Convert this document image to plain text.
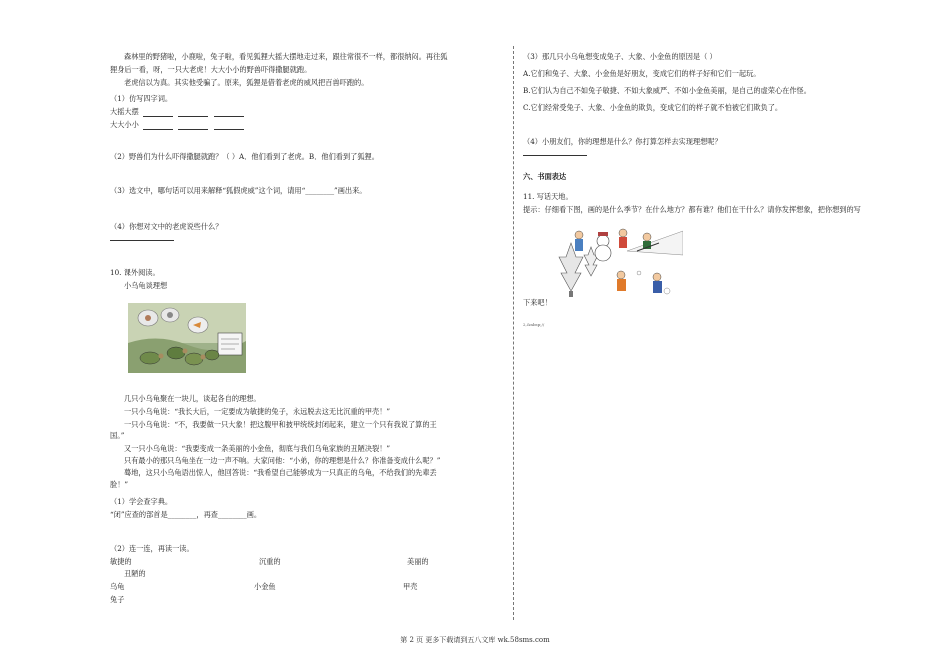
森林里的野猪啦，小鹿啦，兔子啦，看见狐狸大摇大摆地走过来，跟往常很不一样，都很纳闷。再往狐
狸身后一看，呀，一只大老虎！大大小小的野兽吓得撒腿就跑。
老虎信以为真。其实他受骗了。原来，狐狸是借着老虎的威风把百兽吓跑的。
（1）仿写四字词。
大摇大摆
大大小小
（2）野兽们为什么吓得撒腿就跑？（ ）A．他们看到了老虎。B．他们看到了狐狸。
（3）选文中，哪句话可以用来解释“狐假虎威”这个词，请用“________”画出来。
（4）你想对文中的老虎说些什么？
10. 课外阅读。
小乌龟谈理想
几只小乌龟聚在一块儿，谈起各自的理想。
一只小乌龟说：“我长大后，一定要成为敏捷的兔子，永远脱去这无比沉重的甲壳！”
一只小乌龟说：“不，我要做一只大象！把这腹甲和披甲统统封闭起来，建立一个只有我说了算的王
国。”
又一只小乌龟说：“我要变成一条美丽的小金鱼，彻底与我们乌龟家族的丑陋决裂！”
只有最小的那只乌龟坐在一边一声不响。大家问他：“小弟，你的理想是什么？你准备变成什么呢？”
蓦地，这只小乌龟语出惊人，他回答说：“我希望自己能够成为一只真正的乌龟，不给我们的先辈丢
脸！”
（1）学会查字典。
“闭”应查的部首是________，再查________画。
（2）连一连，再读一读。
敏捷的	沉重的	美丽的
丑陋的
乌龟	小金鱼	甲壳
兔子
（3）那几只小乌龟想变成兔子、大象、小金鱼的原因是（ ）
A.它们和兔子、大象、小金鱼是好朋友，变成它们的样子好和它们一起玩。
B.它们认为自己不如兔子敏捷、不如大象威严、不如小金鱼美丽，是自己的虚荣心在作怪。
C.它们经常受兔子、大象、小金鱼的欺负，变成它们的样子就不怕被它们欺负了。
（4）小朋友们，你的理想是什么？你打算怎样去实现理想呢？
六、书面表达
11. 写话天地。
提示：仔细看下图，画的是什么季节？在什么地方？都有谁？他们在干什么？请你发挥想象，把你想到的写
下来吧！
2,&nbsp;//
第 2 页 更多下载请到五八文库 wk.58sms.com
